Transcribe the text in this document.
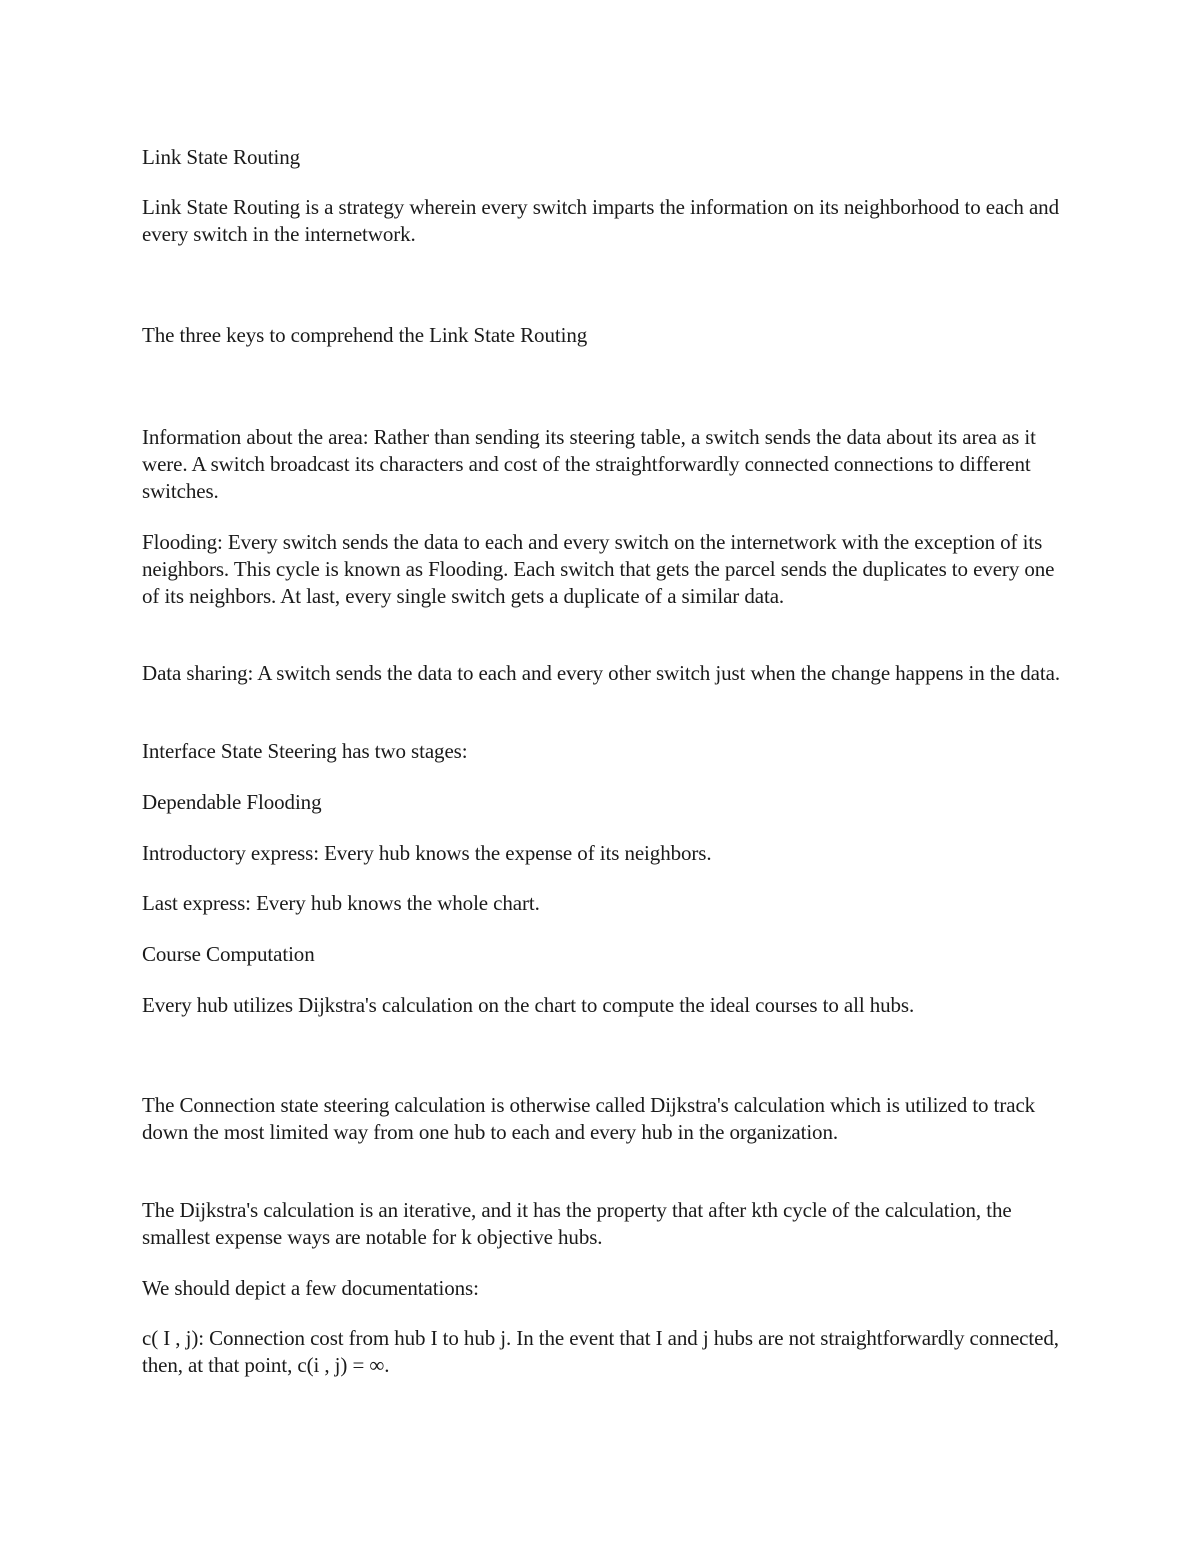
Link State Routing

Link State Routing is a strategy wherein every switch imparts the information on its neighborhood to each and every switch in the internetwork.

The three keys to comprehend the Link State Routing

Information about the area: Rather than sending its steering table, a switch sends the data about its area as it were. A switch broadcast its characters and cost of the straightforwardly connected connections to different switches.

Flooding: Every switch sends the data to each and every switch on the internetwork with the exception of its neighbors. This cycle is known as Flooding. Each switch that gets the parcel sends the duplicates to every one of its neighbors. At last, every single switch gets a duplicate of a similar data.

Data sharing: A switch sends the data to each and every other switch just when the change happens in the data.

Interface State Steering has two stages:

Dependable Flooding

Introductory express: Every hub knows the expense of its neighbors.

Last express: Every hub knows the whole chart.

Course Computation

Every hub utilizes Dijkstra's calculation on the chart to compute the ideal courses to all hubs.

The Connection state steering calculation is otherwise called Dijkstra's calculation which is utilized to track down the most limited way from one hub to each and every hub in the organization.

The Dijkstra's calculation is an iterative, and it has the property that after kth cycle of the calculation, the smallest expense ways are notable for k objective hubs.

We should depict a few documentations:

c( I , j): Connection cost from hub I to hub j. In the event that I and j hubs are not straightforwardly connected, then, at that point, c(i , j) = ∞.
